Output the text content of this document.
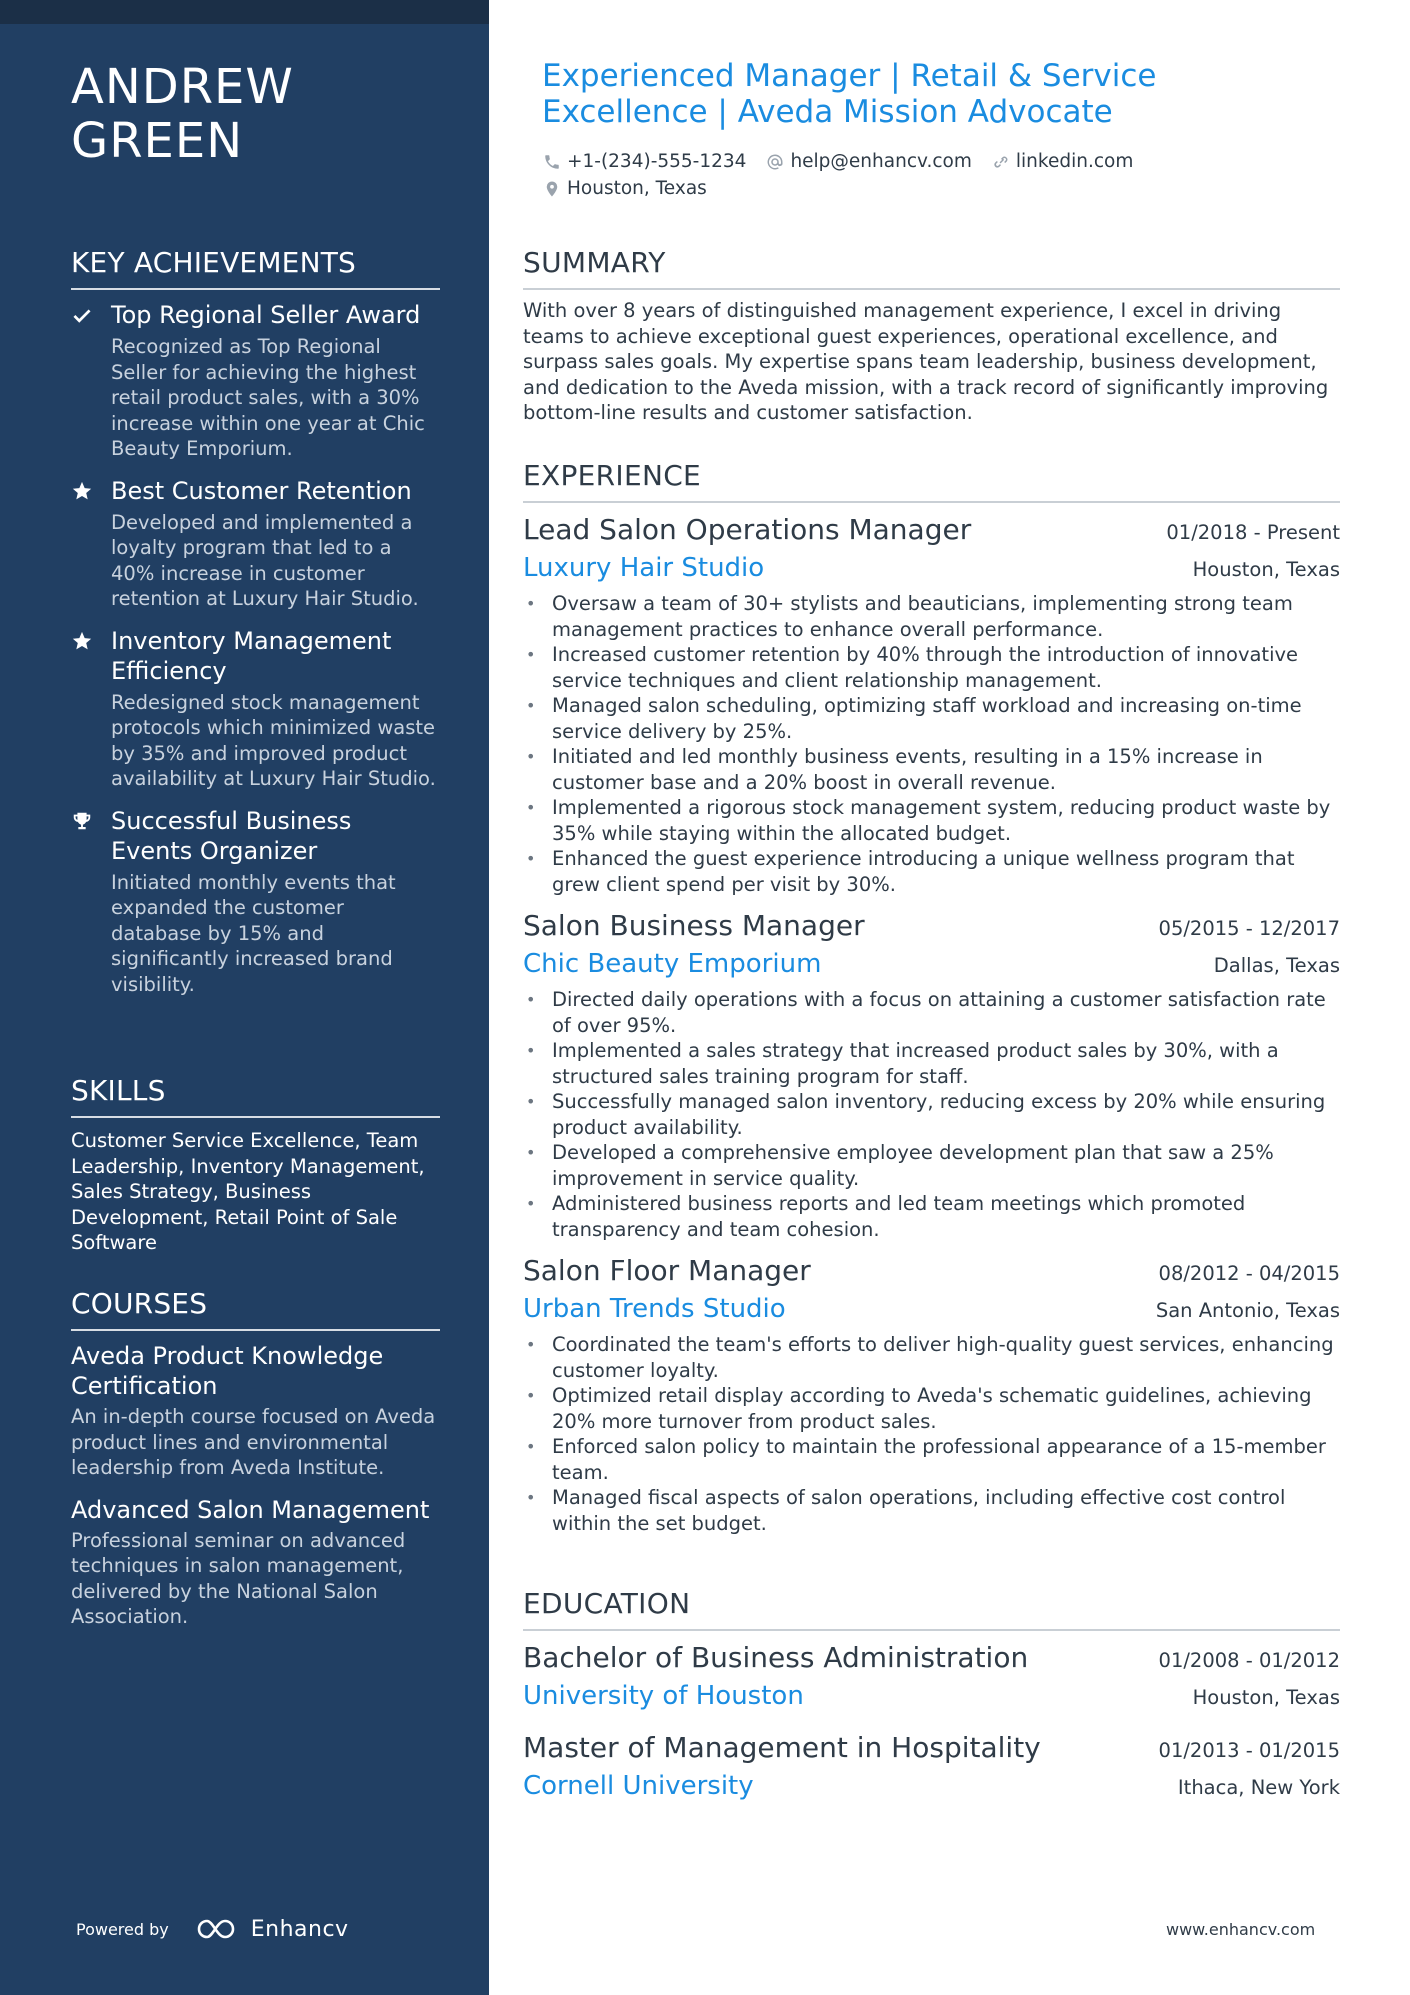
ANDREW
GREEN
KEY ACHIEVEMENTS
Top Regional Seller Award
Recognized as Top Regional Seller for achieving the highest retail product sales, with a 30% increase within one year at Chic Beauty Emporium.
Best Customer Retention
Developed and implemented a loyalty program that led to a 40% increase in customer retention at Luxury Hair Studio.
Inventory Management Efficiency
Redesigned stock management protocols which minimized waste by 35% and improved product availability at Luxury Hair Studio.
Successful Business Events Organizer
Initiated monthly events that expanded the customer database by 15% and significantly increased brand visibility.
SKILLS
Customer Service Excellence, Team Leadership, Inventory Management, Sales Strategy, Business Development, Retail Point of Sale Software
COURSES
Aveda Product Knowledge Certification
An in-depth course focused on Aveda product lines and environmental leadership from Aveda Institute.
Advanced Salon Management
Professional seminar on advanced techniques in salon management, delivered by the National Salon Association.
Powered by	Enhancv
Experienced Manager | Retail & Service Excellence | Aveda Mission Advocate
+1-(234)-555-1234 help@enhancv.com linkedin.com
Houston, Texas
SUMMARY
With over 8 years of distinguished management experience, I excel in driving teams to achieve exceptional guest experiences, operational excellence, and surpass sales goals. My expertise spans team leadership, business development, and dedication to the Aveda mission, with a track record of significantly improving bottom-line results and customer satisfaction.
EXPERIENCE
Lead Salon Operations Manager	01/2018 - Present
Luxury Hair Studio	Houston, Texas
• Oversaw a team of 30+ stylists and beauticians, implementing strong team management practices to enhance overall performance.
• Increased customer retention by 40% through the introduction of innovative service techniques and client relationship management.
• Managed salon scheduling, optimizing staff workload and increasing on-time service delivery by 25%.
• Initiated and led monthly business events, resulting in a 15% increase in customer base and a 20% boost in overall revenue.
• Implemented a rigorous stock management system, reducing product waste by 35% while staying within the allocated budget.
• Enhanced the guest experience introducing a unique wellness program that grew client spend per visit by 30%.
Salon Business Manager	05/2015 - 12/2017
Chic Beauty Emporium	Dallas, Texas
• Directed daily operations with a focus on attaining a customer satisfaction rate of over 95%.
• Implemented a sales strategy that increased product sales by 30%, with a structured sales training program for staff.
• Successfully managed salon inventory, reducing excess by 20% while ensuring product availability.
• Developed a comprehensive employee development plan that saw a 25% improvement in service quality.
• Administered business reports and led team meetings which promoted transparency and team cohesion.
Salon Floor Manager	08/2012 - 04/2015
Urban Trends Studio	San Antonio, Texas
• Coordinated the team's efforts to deliver high-quality guest services, enhancing customer loyalty.
• Optimized retail display according to Aveda's schematic guidelines, achieving 20% more turnover from product sales.
• Enforced salon policy to maintain the professional appearance of a 15-member team.
• Managed fiscal aspects of salon operations, including effective cost control within the set budget.
EDUCATION
Bachelor of Business Administration	01/2008 - 01/2012
University of Houston	Houston, Texas
Master of Management in Hospitality	01/2013 - 01/2015
Cornell University	Ithaca, New York
www.enhancv.com
